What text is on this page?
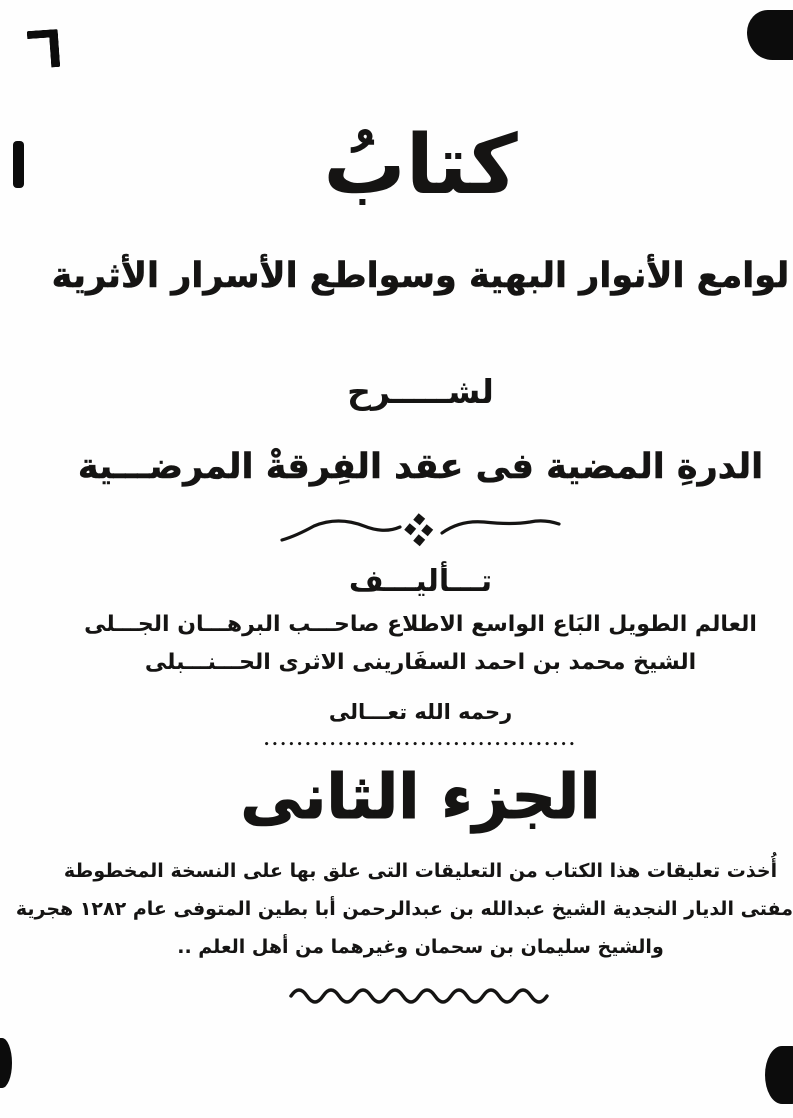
كتابُ
لوامع الأنوار البهية وسواطع الأسرار الأثرية
لشـــــرح
الدرةِ المضية فى عقد الفِرقةْ المرضـــية
تـــأليـــف
العالم الطويل البَاع الواسع الاطلاع صاحـــب البرهـــان الجـــلى
الشيخ محمد بن احمد السفَارينى الاثرى الحـــنـــبلى
رحمه الله تعـــالى
••••••••••••••••••••••••••••••••••••••
الجزء الثانى
أُخذت تعليقات هذا الكتاب من التعليقات التى علق بها على النسخة المخطوطة
مفتى الديار النجدية الشيخ عبدالله بن عبدالرحمن أبا بطين المتوفى عام ١٢٨٢ هجرية
والشيخ سليمان بن سحمان وغيرهما من أهل العلم ..
